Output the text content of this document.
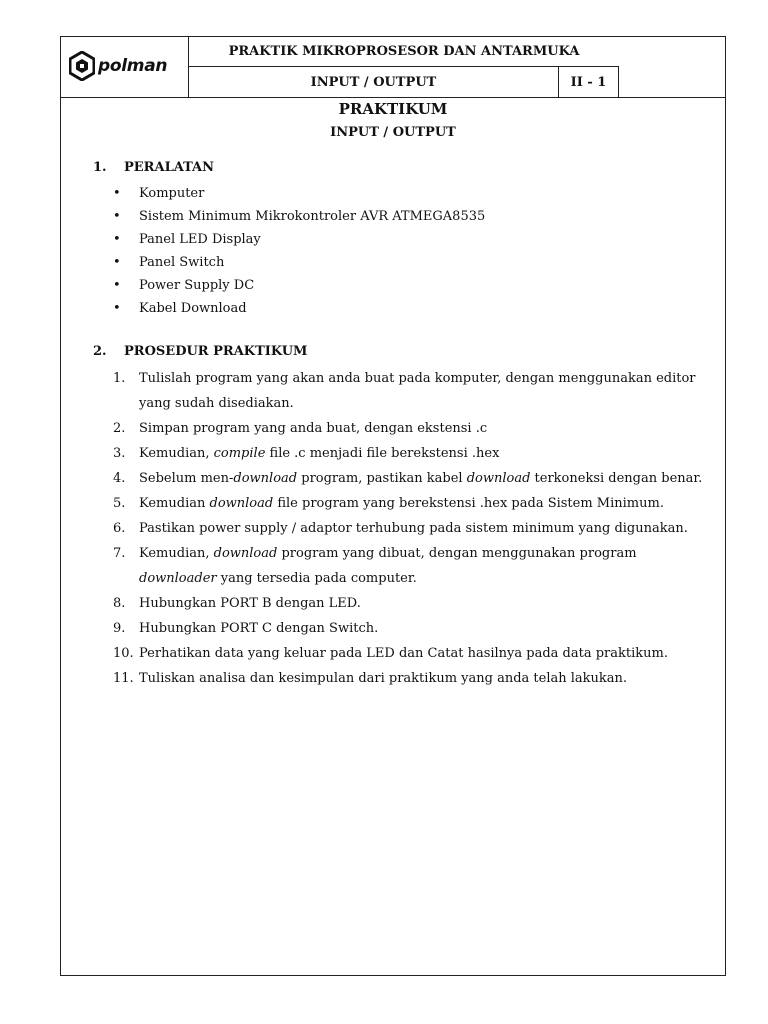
polman
PRAKTIK MIKROPROSESOR DAN ANTARMUKA
INPUT / OUTPUT	II - 1
PRAKTIKUM
INPUT / OUTPUT
1. PERALATAN
•	Komputer
•	Sistem Minimum Mikrokontroler AVR ATMEGA8535
•	Panel LED Display
•	Panel Switch
•	Power Supply DC
•	Kabel Download
2. PROSEDUR PRAKTIKUM
1.	Tulislah program yang akan anda buat pada komputer, dengan menggunakan editor yang sudah disediakan.
2.	Simpan program yang anda buat, dengan ekstensi .c
3.	Kemudian, compile file .c menjadi file berekstensi .hex
4.	Sebelum men-download program, pastikan kabel download terkoneksi dengan benar.
5.	Kemudian download file program yang berekstensi .hex pada Sistem Minimum.
6.	Pastikan power supply / adaptor terhubung pada sistem minimum yang digunakan.
7.	Kemudian, download program yang dibuat, dengan menggunakan program downloader yang tersedia pada computer.
8.	Hubungkan PORT B dengan LED.
9.	Hubungkan PORT C dengan Switch.
10. Perhatikan data yang keluar pada LED dan Catat hasilnya pada data praktikum.
11. Tuliskan analisa dan kesimpulan dari praktikum yang anda telah lakukan.
